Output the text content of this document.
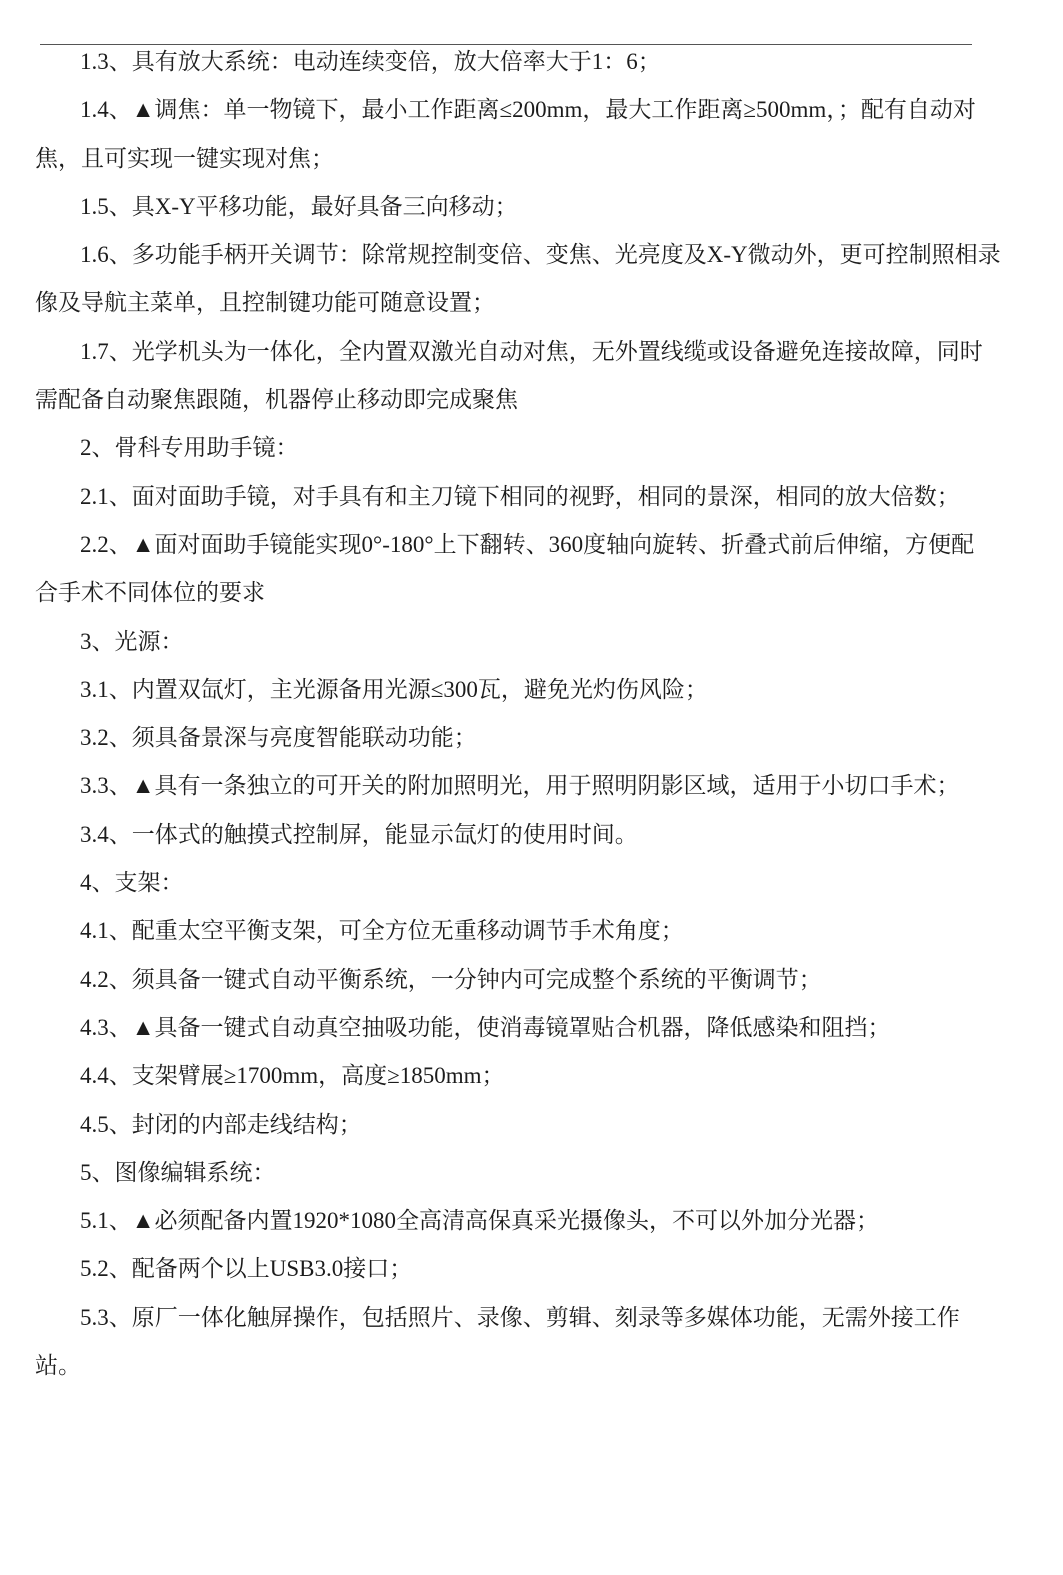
1.3、具有放大系统：电动连续变倍，放大倍率大于1：6；
1.4、▲调焦：单一物镜下，最小工作距离≤200mm，最大工作距离≥500mm，；配有自动对
焦，且可实现一键实现对焦；
1.5、具X-Y平移功能，最好具备三向移动；
1.6、多功能手柄开关调节：除常规控制变倍、变焦、光亮度及X-Y微动外，更可控制照相录
像及导航主菜单，且控制键功能可随意设置；
1.7、光学机头为一体化，全内置双激光自动对焦，无外置线缆或设备避免连接故障，同时
需配备自动聚焦跟随，机器停止移动即完成聚焦
2、骨科专用助手镜：
2.1、面对面助手镜，对手具有和主刀镜下相同的视野，相同的景深，相同的放大倍数；
2.2、▲面对面助手镜能实现0°-180°上下翻转、360度轴向旋转、折叠式前后伸缩，方便配
合手术不同体位的要求
3、光源：
3.1、内置双氙灯，主光源备用光源≤300瓦，避免光灼伤风险；
3.2、须具备景深与亮度智能联动功能；
3.3、▲具有一条独立的可开关的附加照明光，用于照明阴影区域，适用于小切口手术；
3.4、一体式的触摸式控制屏，能显示氙灯的使用时间。
4、支架：
4.1、配重太空平衡支架，可全方位无重移动调节手术角度；
4.2、须具备一键式自动平衡系统，一分钟内可完成整个系统的平衡调节；
4.3、▲具备一键式自动真空抽吸功能，使消毒镜罩贴合机器，降低感染和阻挡；
4.4、支架臂展≥1700mm，高度≥1850mm；
4.5、封闭的内部走线结构；
5、图像编辑系统：
5.1、▲必须配备内置1920*1080全高清高保真采光摄像头，不可以外加分光器；
5.2、配备两个以上USB3.0接口；
5.3、原厂一体化触屏操作，包括照片、录像、剪辑、刻录等多媒体功能，无需外接工作
站。
